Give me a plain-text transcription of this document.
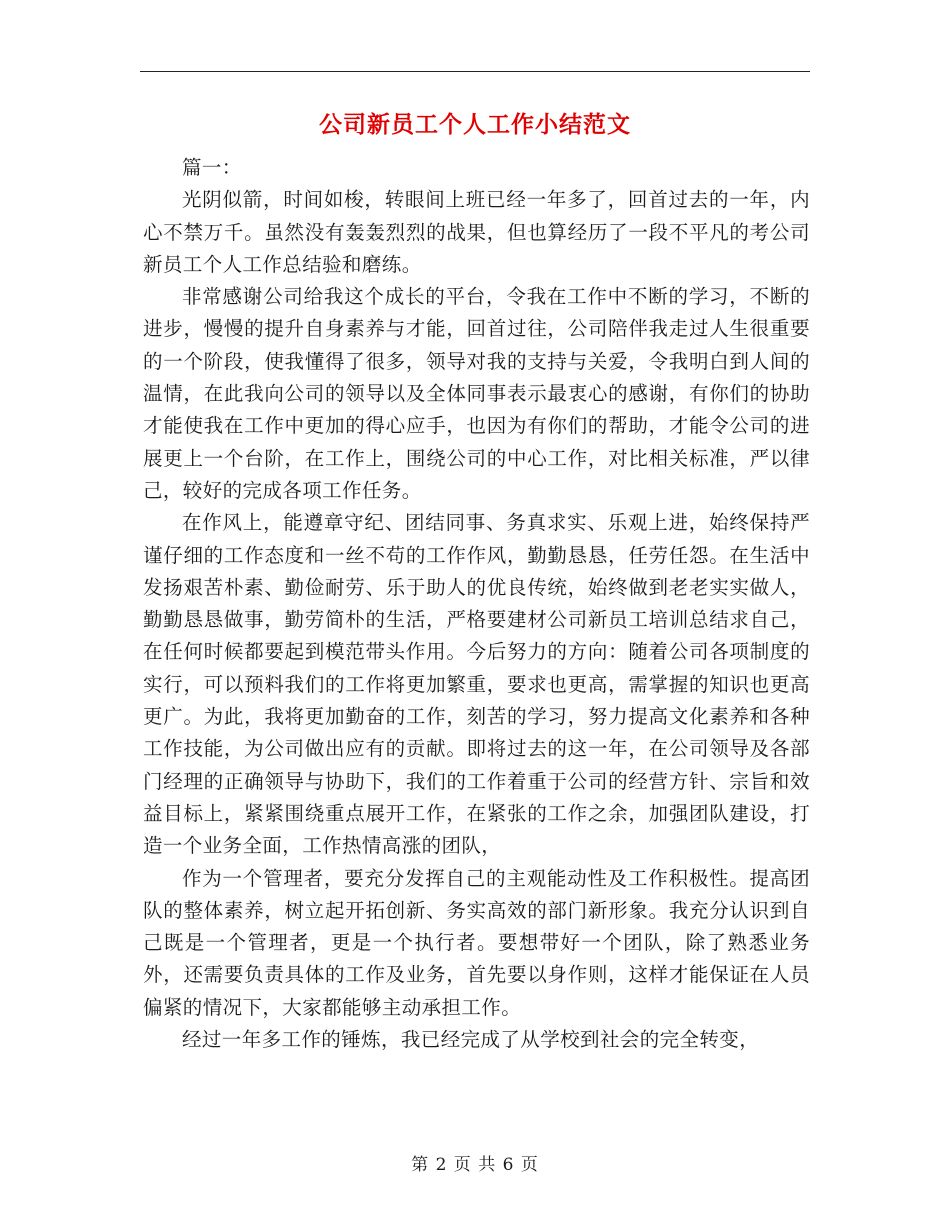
公司新员工个人工作小结范文

篇一：

光阴似箭，时间如梭，转眼间上班已经一年多了，回首过去的一年，内心不禁万千。虽然没有轰轰烈烈的战果，但也算经历了一段不平凡的考公司新员工个人工作总结验和磨练。

非常感谢公司给我这个成长的平台，令我在工作中不断的学习，不断的进步，慢慢的提升自身素养与才能，回首过往，公司陪伴我走过人生很重要的一个阶段，使我懂得了很多，领导对我的支持与关爱，令我明白到人间的温情，在此我向公司的领导以及全体同事表示最衷心的感谢，有你们的协助才能使我在工作中更加的得心应手，也因为有你们的帮助，才能令公司的进展更上一个台阶，在工作上，围绕公司的中心工作，对比相关标准，严以律己，较好的完成各项工作任务。

在作风上，能遵章守纪、团结同事、务真求实、乐观上进，始终保持严谨仔细的工作态度和一丝不苟的工作作风，勤勤恳恳，任劳任怨。在生活中发扬艰苦朴素、勤俭耐劳、乐于助人的优良传统，始终做到老老实实做人，勤勤恳恳做事，勤劳简朴的生活，严格要建材公司新员工培训总结求自己，在任何时候都要起到模范带头作用。今后努力的方向：随着公司各项制度的实行，可以预料我们的工作将更加繁重，要求也更高，需掌握的知识也更高更广。为此，我将更加勤奋的工作，刻苦的学习，努力提高文化素养和各种工作技能，为公司做出应有的贡献。即将过去的这一年，在公司领导及各部门经理的正确领导与协助下，我们的工作着重于公司的经营方针、宗旨和效益目标上，紧紧围绕重点展开工作，在紧张的工作之余，加强团队建设，打造一个业务全面，工作热情高涨的团队，

作为一个管理者，要充分发挥自己的主观能动性及工作积极性。提高团队的整体素养，树立起开拓创新、务实高效的部门新形象。我充分认识到自己既是一个管理者，更是一个执行者。要想带好一个团队，除了熟悉业务外，还需要负责具体的工作及业务，首先要以身作则，这样才能保证在人员偏紧的情况下，大家都能够主动承担工作。

经过一年多工作的锤炼，我已经完成了从学校到社会的完全转变，

第 2 页 共 6 页
